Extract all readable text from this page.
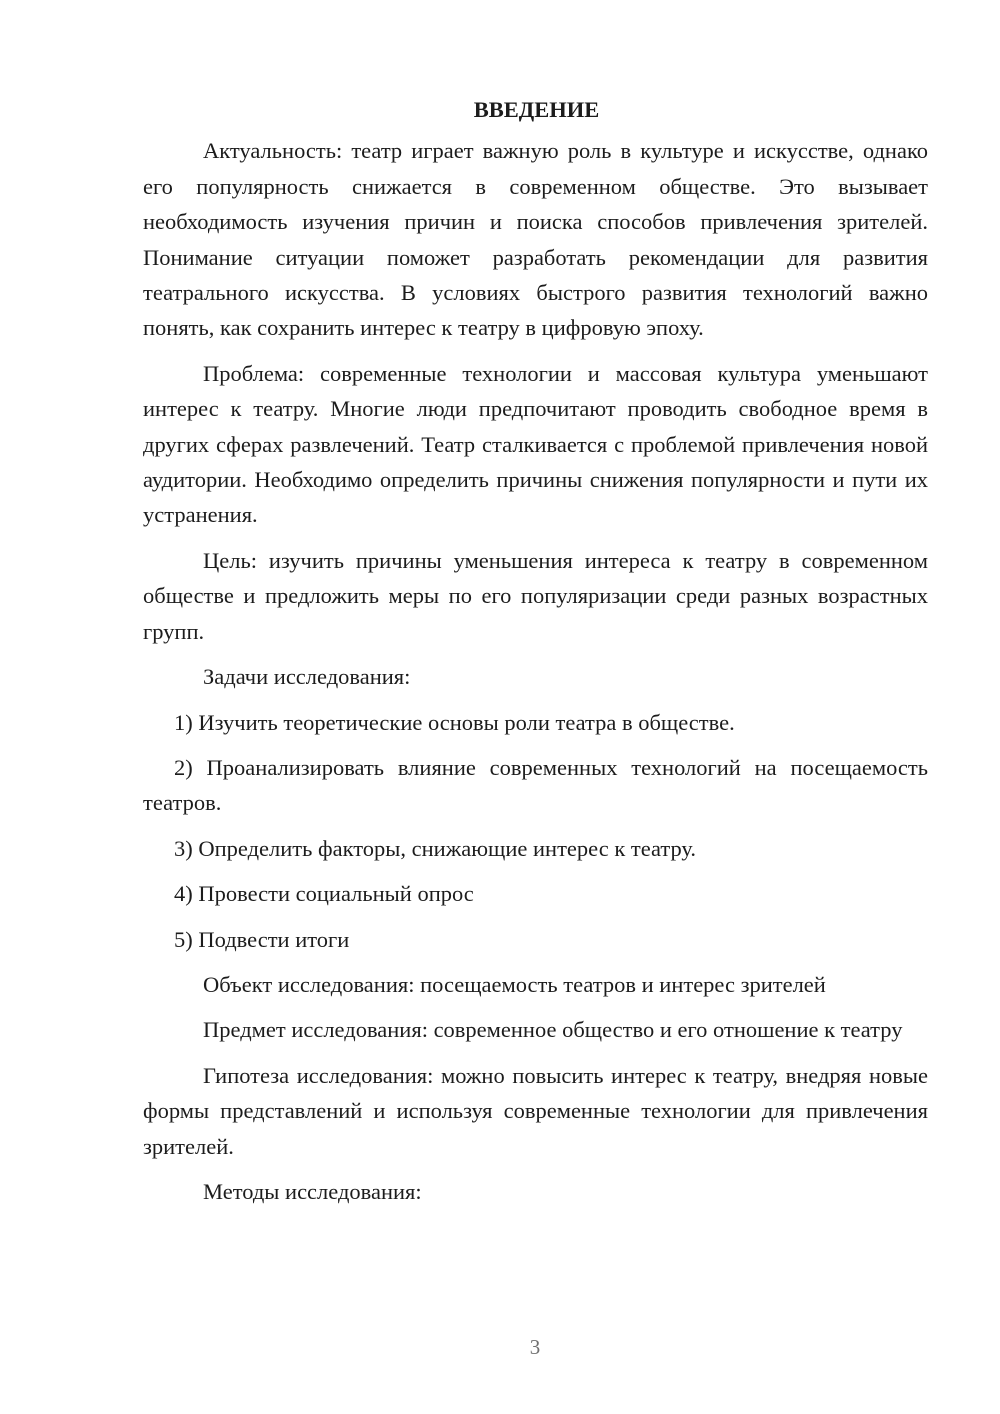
ВВЕДЕНИЕ

Актуальность: театр играет важную роль в культуре и искусстве, однако его популярность снижается в современном обществе. Это вызывает необходимость изучения причин и поиска способов привлечения зрителей. Понимание ситуации поможет разработать рекомендации для развития театрального искусства. В условиях быстрого развития технологий важно понять, как сохранить интерес к театру в цифровую эпоху.

Проблема: современные технологии и массовая культура уменьшают интерес к театру. Многие люди предпочитают проводить свободное время в других сферах развлечений. Театр сталкивается с проблемой привлечения новой аудитории. Необходимо определить причины снижения популярности и пути их устранения.

Цель: изучить причины уменьшения интереса к театру в современном обществе и предложить меры по его популяризации среди разных возрастных групп.

Задачи исследования:

1) Изучить теоретические основы роли театра в обществе.

2) Проанализировать влияние современных технологий на посещаемость театров.

3) Определить факторы, снижающие интерес к театру.

4) Провести социальный опрос

5) Подвести итоги

Объект исследования: посещаемость театров и интерес зрителей

Предмет исследования: современное общество и его отношение к театру

Гипотеза исследования: можно повысить интерес к театру, внедряя новые формы представлений и используя современные технологии для привлечения зрителей.

Методы исследования:

3
